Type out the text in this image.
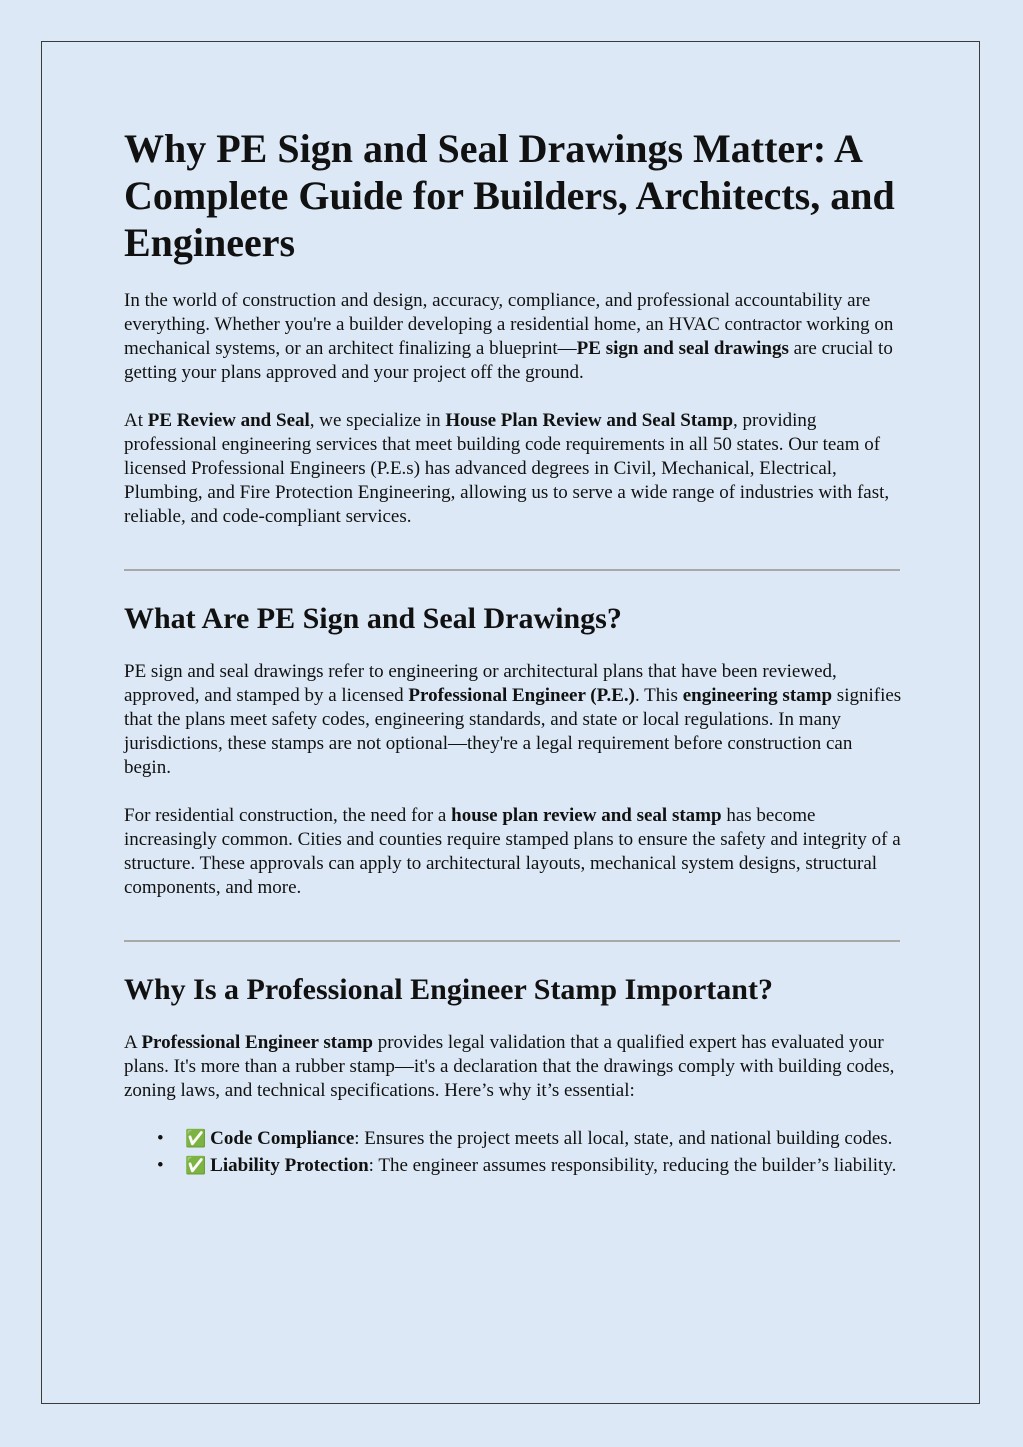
Why PE Sign and Seal Drawings Matter: A Complete Guide for Builders, Architects, and Engineers

In the world of construction and design, accuracy, compliance, and professional accountability are everything. Whether you're a builder developing a residential home, an HVAC contractor working on mechanical systems, or an architect finalizing a blueprint—PE sign and seal drawings are crucial to getting your plans approved and your project off the ground.

At PE Review and Seal, we specialize in House Plan Review and Seal Stamp, providing professional engineering services that meet building code requirements in all 50 states. Our team of licensed Professional Engineers (P.E.s) has advanced degrees in Civil, Mechanical, Electrical, Plumbing, and Fire Protection Engineering, allowing us to serve a wide range of industries with fast, reliable, and code-compliant services.

What Are PE Sign and Seal Drawings?

PE sign and seal drawings refer to engineering or architectural plans that have been reviewed, approved, and stamped by a licensed Professional Engineer (P.E.). This engineering stamp signifies that the plans meet safety codes, engineering standards, and state or local regulations. In many jurisdictions, these stamps are not optional—they're a legal requirement before construction can begin.

For residential construction, the need for a house plan review and seal stamp has become increasingly common. Cities and counties require stamped plans to ensure the safety and integrity of a structure. These approvals can apply to architectural layouts, mechanical system designs, structural components, and more.

Why Is a Professional Engineer Stamp Important?

A Professional Engineer stamp provides legal validation that a qualified expert has evaluated your plans. It's more than a rubber stamp—it's a declaration that the drawings comply with building codes, zoning laws, and technical specifications. Here’s why it’s essential:

• ✅ Code Compliance: Ensures the project meets all local, state, and national building codes.
• ✅ Liability Protection: The engineer assumes responsibility, reducing the builder’s liability.
